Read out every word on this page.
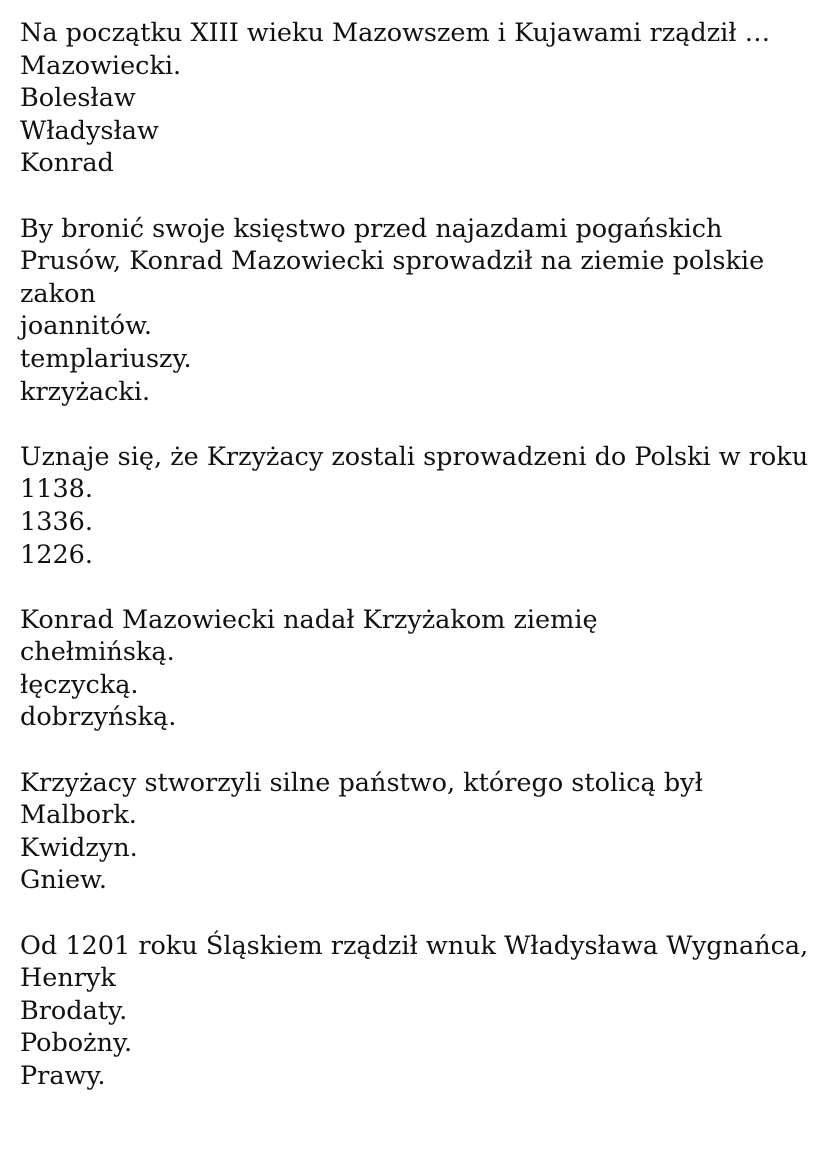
Na początku XIII wieku Mazowszem i Kujawami rządził … Mazowiecki.

Bolesław
Władysław
Konrad

By bronić swoje księstwo przed najazdami pogańskich Prusów, Konrad Mazowiecki sprowadził na ziemie polskie zakon

joannitów.
templariuszy.
krzyżacki.

Uznaje się, że Krzyżacy zostali sprowadzeni do Polski w roku

1138.
1336.
1226.

Konrad Mazowiecki nadał Krzyżakom ziemię

chełmińską.
łęczycką.
dobrzyńską.

Krzyżacy stworzyli silne państwo, którego stolicą był

Malbork.
Kwidzyn.
Gniew.

Od 1201 roku Śląskiem rządził wnuk Władysława Wygnańca, Henryk

Brodaty.
Pobożny.
Prawy.
